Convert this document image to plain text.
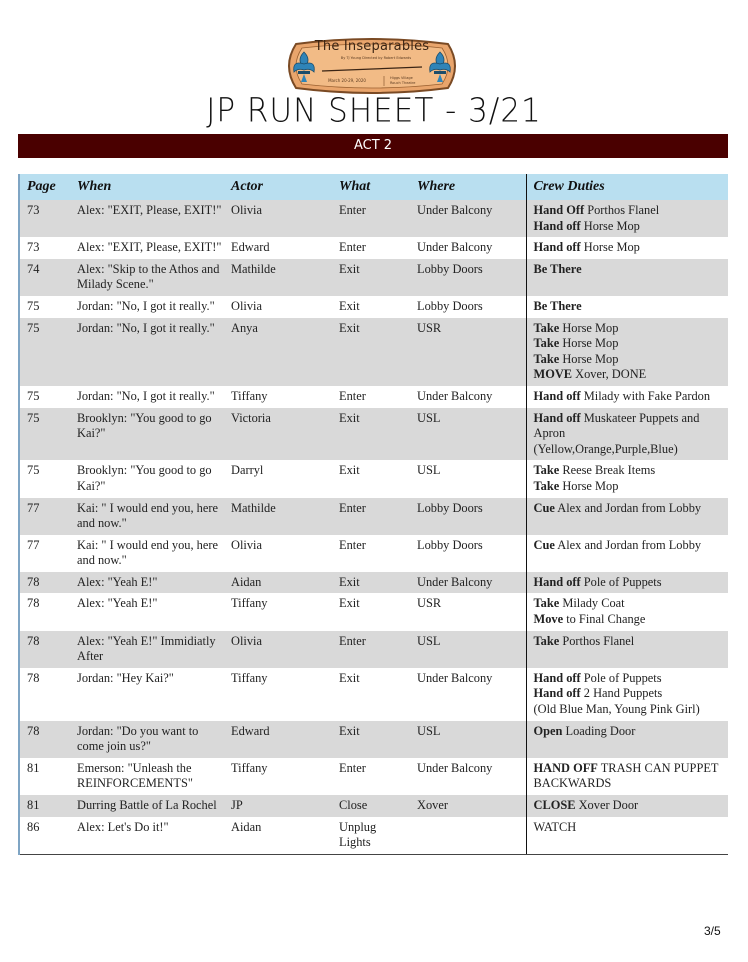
The Inseparables
By TJ Young Directed by Robert Edwards
March 20-29, 2020	Higgs Village Rouch Theatre
JP RUN SHEET - 3/21
ACT 2
Page	When	Actor	What	Where	Crew Duties
73	Alex: "EXIT, Please, EXIT!"	Olivia	Enter	Under Balcony	Hand Off Porthos Flanel
Hand off Horse Mop

73	Alex: "EXIT, Please, EXIT!"	Edward	Enter	Under Balcony	Hand off Horse Mop

74	Alex: "Skip to the Athos and Milady Scene."	Mathilde	Exit	Lobby Doors	Be There

75	Jordan: "No, I got it really."	Olivia	Exit	Lobby Doors	Be There

75	Jordan: "No, I got it really."	Anya	Exit	USR	Take Horse Mop
Take Horse Mop
Take Horse Mop
MOVE Xover, DONE

75	Jordan: "No, I got it really."	Tiffany	Enter	Under Balcony	Hand off Milady with Fake Pardon

75	Brooklyn: "You good to go Kai?"	Victoria	Exit	USL	Hand off Muskateer Puppets and Apron
(Yellow,Orange,Purple,Blue)

75	Brooklyn: "You good to go Kai?"	Darryl	Exit	USL	Take Reese Break Items
Take Horse Mop

77	Kai: " I would end you, here and now."	Mathilde	Enter	Lobby Doors	Cue Alex and Jordan from Lobby

77	Kai: " I would end you, here and now."	Olivia	Enter	Lobby Doors	Cue Alex and Jordan from Lobby

78	Alex: "Yeah E!"	Aidan	Exit	Under Balcony	Hand off Pole of Puppets

78	Alex: "Yeah E!"	Tiffany	Exit	USR	Take Milady Coat
Move to Final Change

78	Alex: "Yeah E!" Immidiatly After	Olivia	Enter	USL	Take Porthos Flanel

78	Jordan: "Hey Kai?"	Tiffany	Exit	Under Balcony	Hand off Pole of Puppets
Hand off 2 Hand Puppets
(Old Blue Man, Young Pink Girl)

78	Jordan: "Do you want to come join us?"	Edward	Exit	USL	Open Loading Door

81	Emerson: "Unleash the REINFORCEMENTS"	Tiffany	Enter	Under Balcony	HAND OFF TRASH CAN PUPPET BACKWARDS

81	Durring Battle of La Rochel	JP	Close	Xover	CLOSE Xover Door

86	Alex: Let's Do it!"	Aidan	Unplug Lights		WATCH
3/5
